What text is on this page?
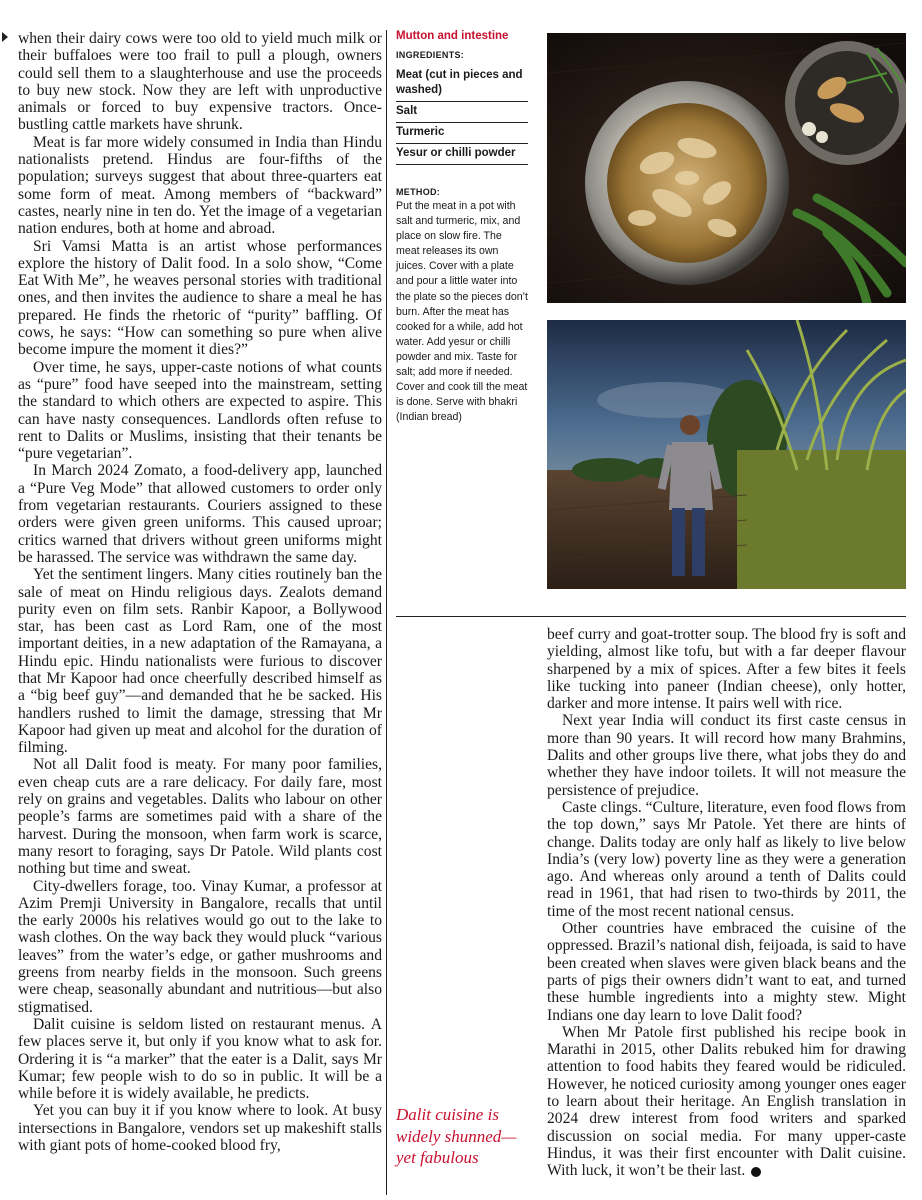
when their dairy cows were too old to yield much milk or their buffaloes were too frail to pull a plough, owners could sell them to a slaughterhouse and use the proceeds to buy new stock. Now they are left with unproductive animals or forced to buy expensive tractors. Once-bustling cattle markets have shrunk.

Meat is far more widely consumed in India than Hindu nationalists pretend. Hindus are four-fifths of the population; surveys suggest that about three-quarters eat some form of meat. Among members of “backward” castes, nearly nine in ten do. Yet the image of a vegetarian nation endures, both at home and abroad.

Sri Vamsi Matta is an artist whose performances explore the history of Dalit food. In a solo show, “Come Eat With Me”, he weaves personal stories with traditional ones, and then invites the audience to share a meal he has prepared. He finds the rhetoric of “purity” baffling. Of cows, he says: “How can something so pure when alive become impure the moment it dies?”

Over time, he says, upper-caste notions of what counts as “pure” food have seeped into the mainstream, setting the standard to which others are expected to aspire. This can have nasty consequences. Landlords often refuse to rent to Dalits or Muslims, insisting that their tenants be “pure vegetarian”.

In March 2024 Zomato, a food-delivery app, launched a “Pure Veg Mode” that allowed customers to order only from vegetarian restaurants. Couriers assigned to these orders were given green uniforms. This caused uproar; critics warned that drivers without green uniforms might be harassed. The service was withdrawn the same day.

Yet the sentiment lingers. Many cities routinely ban the sale of meat on Hindu religious days. Zealots demand purity even on film sets. Ranbir Kapoor, a Bollywood star, has been cast as Lord Ram, one of the most important deities, in a new adaptation of the Ramayana, a Hindu epic. Hindu nationalists were furious to discover that Mr Kapoor had once cheerfully described himself as a “big beef guy”—and demanded that he be sacked. His handlers rushed to limit the damage, stressing that Mr Kapoor had given up meat and alcohol for the duration of filming.

Not all Dalit food is meaty. For many poor families, even cheap cuts are a rare delicacy. For daily fare, most rely on grains and vegetables. Dalits who labour on other people’s farms are sometimes paid with a share of the harvest. During the monsoon, when farm work is scarce, many resort to foraging, says Dr Patole. Wild plants cost nothing but time and sweat.

City-dwellers forage, too. Vinay Kumar, a professor at Azim Premji University in Bangalore, recalls that until the early 2000s his relatives would go out to the lake to wash clothes. On the way back they would pluck “various leaves” from the water’s edge, or gather mushrooms and greens from nearby fields in the monsoon. Such greens were cheap, seasonally abundant and nutritious—but also stigmatised.

Dalit cuisine is seldom listed on restaurant menus. A few places serve it, but only if you know what to ask for. Ordering it is “a marker” that the eater is a Dalit, says Mr Kumar; few people wish to do so in public. It will be a while before it is widely available, he predicts.

Yet you can buy it if you know where to look. At busy intersections in Bangalore, vendors set up makeshift stalls with giant pots of home-cooked blood fry,

Mutton and intestine
INGREDIENTS:
Meat (cut in pieces and washed)
Salt
Turmeric
Yesur or chilli powder
METHOD:
Put the meat in a pot with salt and turmeric, mix, and place on slow fire. The meat releases its own juices. Cover with a plate and pour a little water into the plate so the pieces don’t burn. After the meat has cooked for a while, add hot water. Add yesur or chilli powder and mix. Taste for salt; add more if needed. Cover and cook till the meat is done. Serve with bhakri (Indian bread)

beef curry and goat-trotter soup. The blood fry is soft and yielding, almost like tofu, but with a far deeper flavour sharpened by a mix of spices. After a few bites it feels like tucking into paneer (Indian cheese), only hotter, darker and more intense. It pairs well with rice.

Next year India will conduct its first caste census in more than 90 years. It will record how many Brahmins, Dalits and other groups live there, what jobs they do and whether they have indoor toilets. It will not measure the persistence of prejudice.

Caste clings. “Culture, literature, even food flows from the top down,” says Mr Patole. Yet there are hints of change. Dalits today are only half as likely to live below India’s (very low) poverty line as they were a generation ago. And whereas only around a tenth of Dalits could read in 1961, that had risen to two-thirds by 2011, the time of the most recent national census.

Other countries have embraced the cuisine of the oppressed. Brazil’s national dish, feijoada, is said to have been created when slaves were given black beans and the parts of pigs their owners didn’t want to eat, and turned these humble ingredients into a mighty stew. Might Indians one day learn to love Dalit food?

When Mr Patole first published his recipe book in Marathi in 2015, other Dalits rebuked him for drawing attention to food habits they feared would be ridiculed. However, he noticed curiosity among younger ones eager to learn about their heritage. An English translation in 2024 drew interest from food writers and sparked discussion on social media. For many upper-caste Hindus, it was their first encounter with Dalit cuisine. With luck, it won’t be their last.

Dalit cuisine is widely shunned—yet fabulous
